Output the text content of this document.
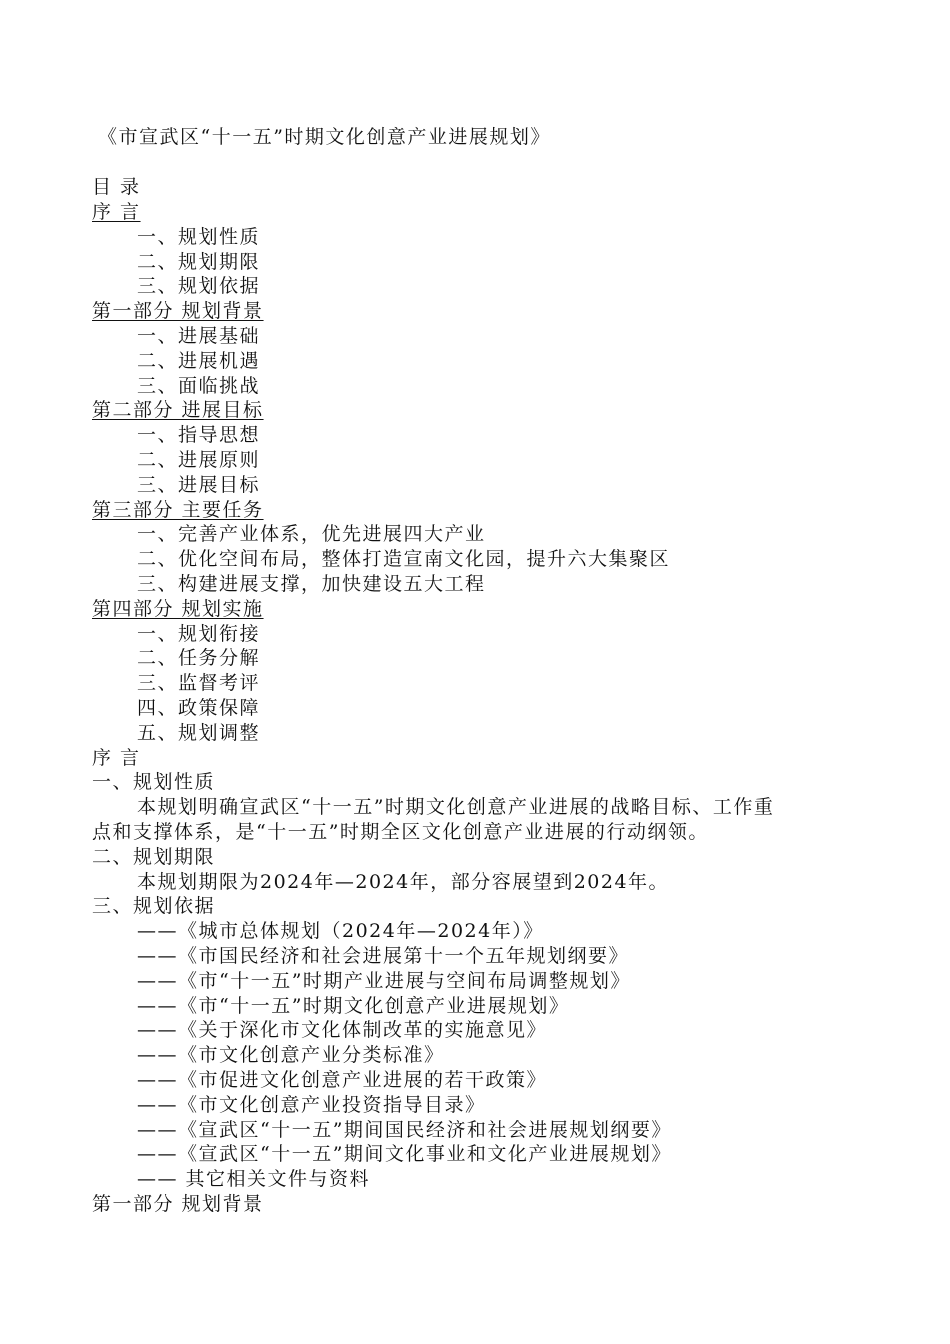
《市宣武区“十一五”时期文化创意产业进展规划》
目 录
序 言
一、规划性质
二、规划期限
三、规划依据
第一部分 规划背景
一、进展基础
二、进展机遇
三、面临挑战
第二部分 进展目标
一、指导思想
二、进展原则
三、进展目标
第三部分 主要任务
一、完善产业体系，优先进展四大产业
二、优化空间布局，整体打造宣南文化园，提升六大集聚区
三、构建进展支撑，加快建设五大工程
第四部分 规划实施
一、规划衔接
二、任务分解
三、监督考评
四、政策保障
五、规划调整
序 言
一、规划性质
本规划明确宣武区“十一五”时期文化创意产业进展的战略目标、工作重
点和支撑体系，是“十一五”时期全区文化创意产业进展的行动纲领。
二、规划期限
本规划期限为2024年—2024年，部分容展望到2024年。
三、规划依据
——《城市总体规划（2024年—2024年）》
——《市国民经济和社会进展第十一个五年规划纲要》
——《市“十一五”时期产业进展与空间布局调整规划》
——《市“十一五”时期文化创意产业进展规划》
——《关于深化市文化体制改革的实施意见》
——《市文化创意产业分类标准》
——《市促进文化创意产业进展的若干政策》
——《市文化创意产业投资指导目录》
——《宣武区“十一五”期间国民经济和社会进展规划纲要》
——《宣武区“十一五”期间文化事业和文化产业进展规划》
—— 其它相关文件与资料
第一部分 规划背景
